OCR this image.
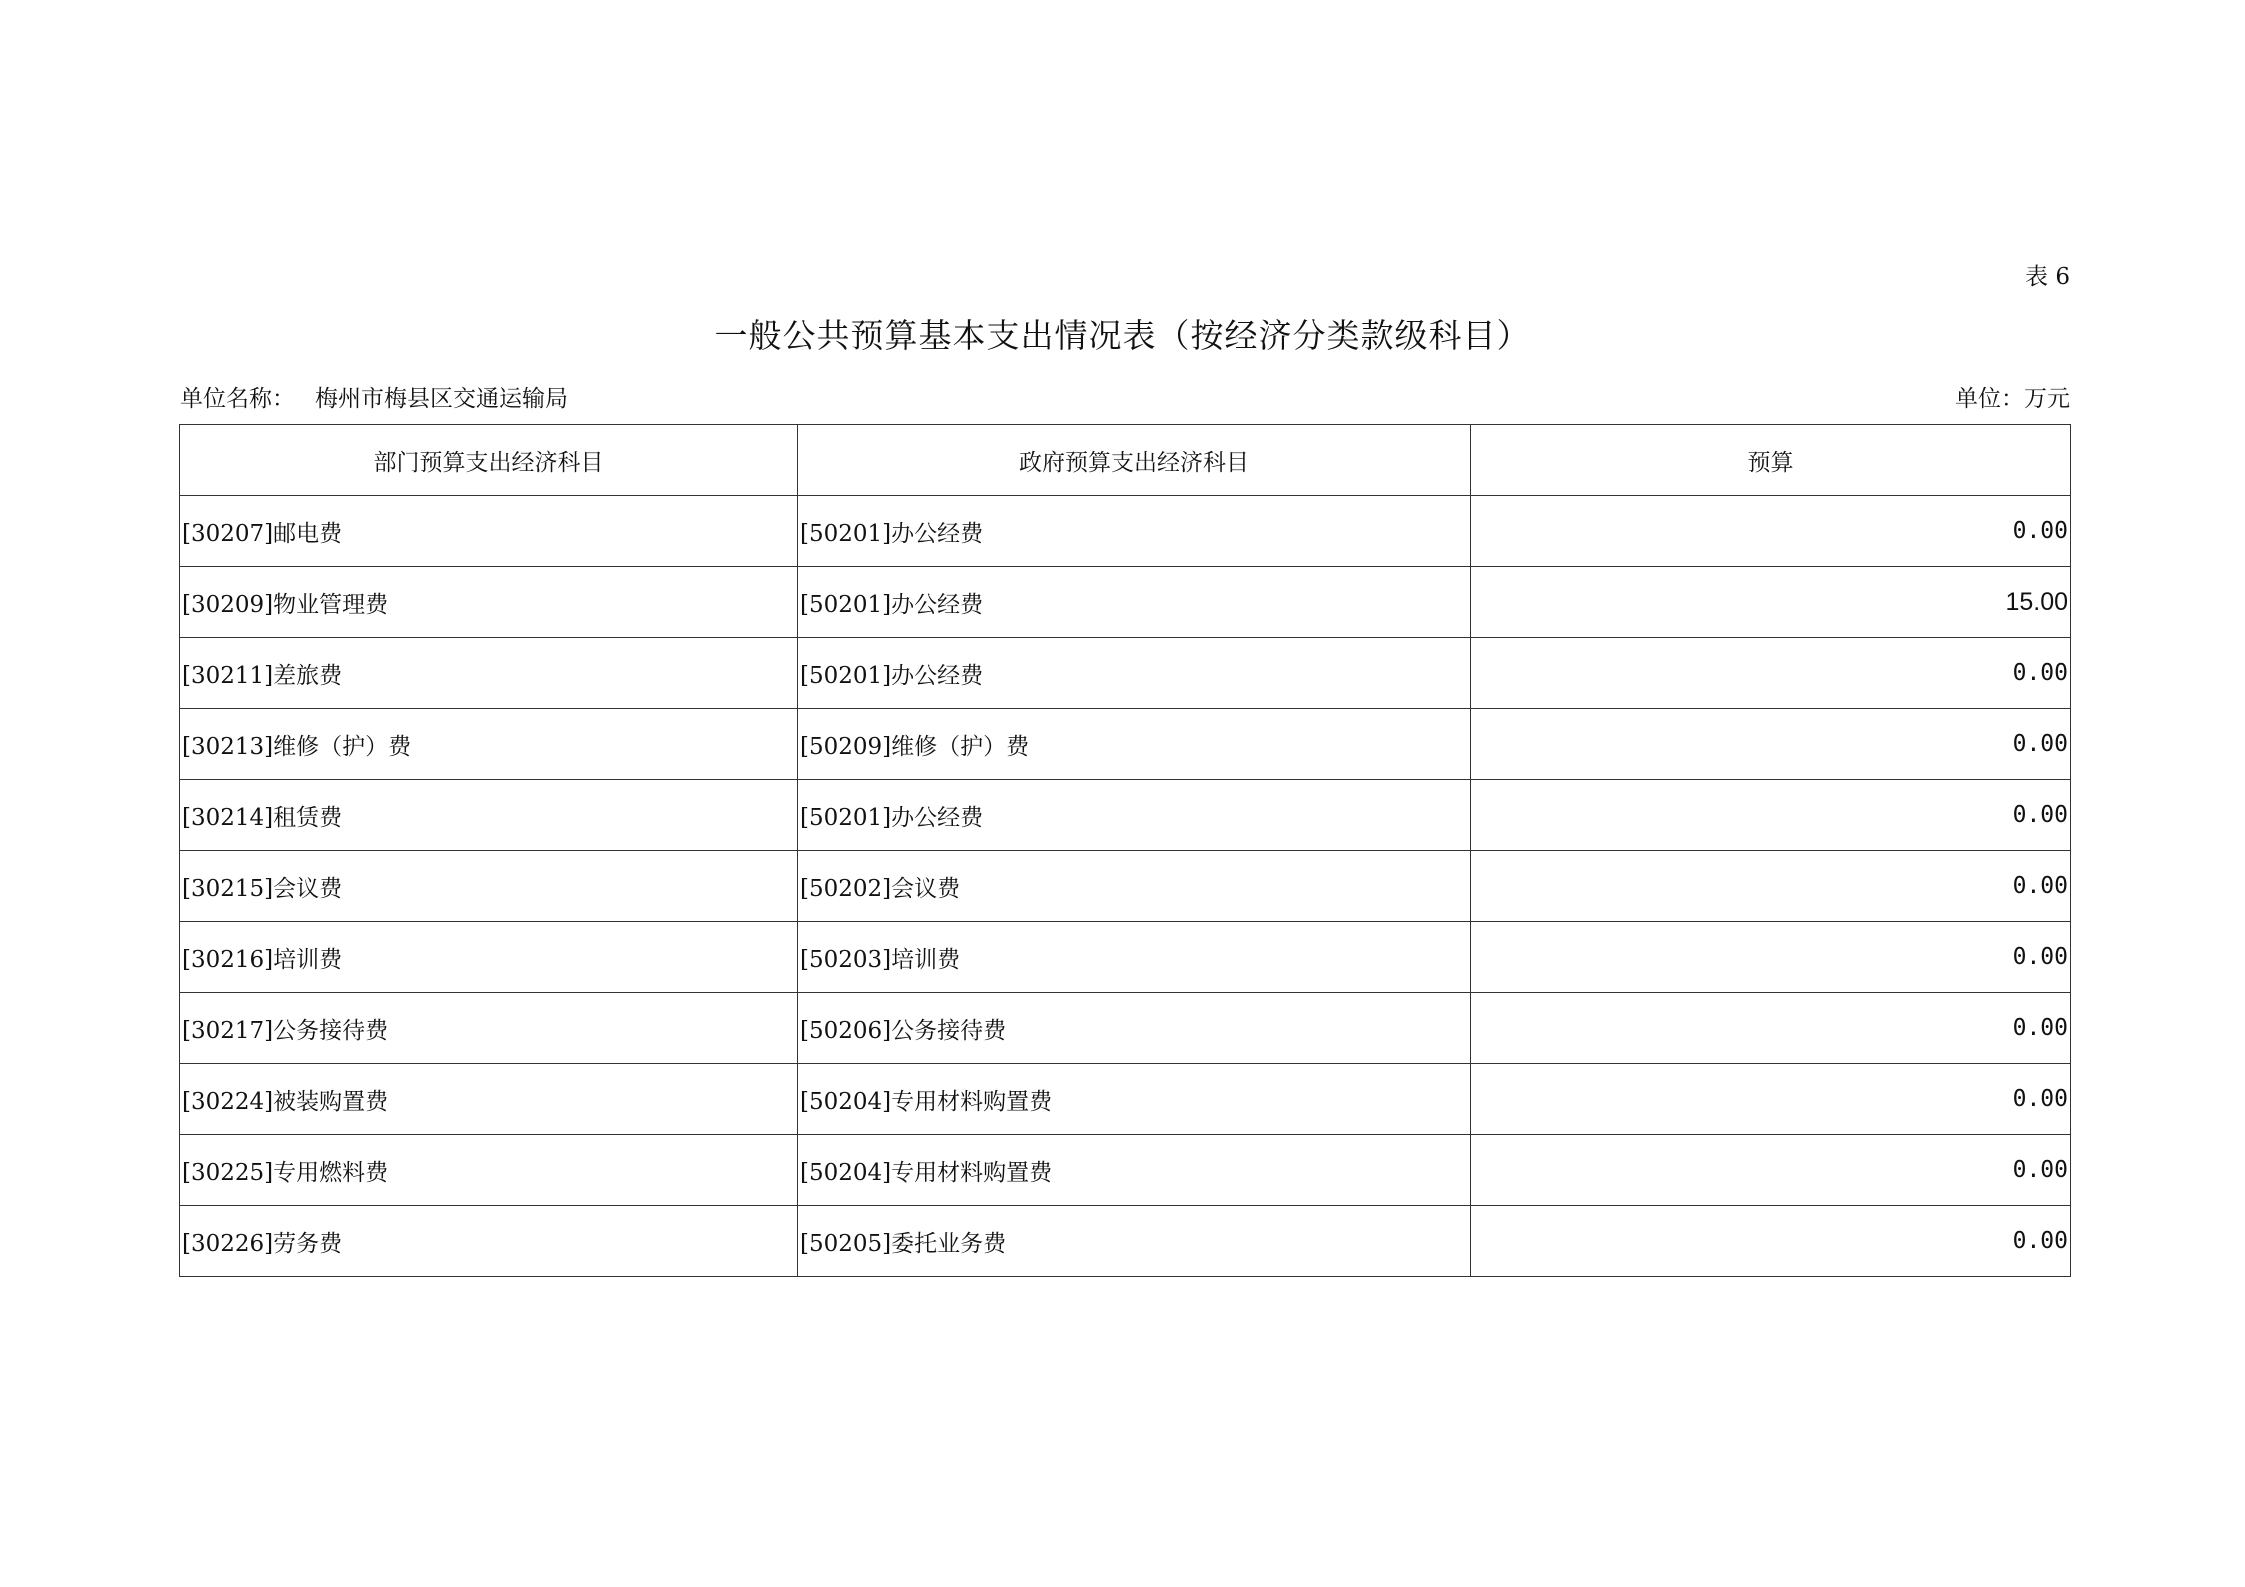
表 6
一般公共预算基本支出情况表（按经济分类款级科目）
单位名称： 梅州市梅县区交通运输局	单位：万元
部门预算支出经济科目	政府预算支出经济科目	预算
[30207]邮电费	[50201]办公经费	0.00
[30209]物业管理费	[50201]办公经费	15.00
[30211]差旅费	[50201]办公经费	0.00
[30213]维修（护）费	[50209]维修（护）费	0.00
[30214]租赁费	[50201]办公经费	0.00
[30215]会议费	[50202]会议费	0.00
[30216]培训费	[50203]培训费	0.00
[30217]公务接待费	[50206]公务接待费	0.00
[30224]被装购置费	[50204]专用材料购置费	0.00
[30225]专用燃料费	[50204]专用材料购置费	0.00
[30226]劳务费	[50205]委托业务费	0.00
